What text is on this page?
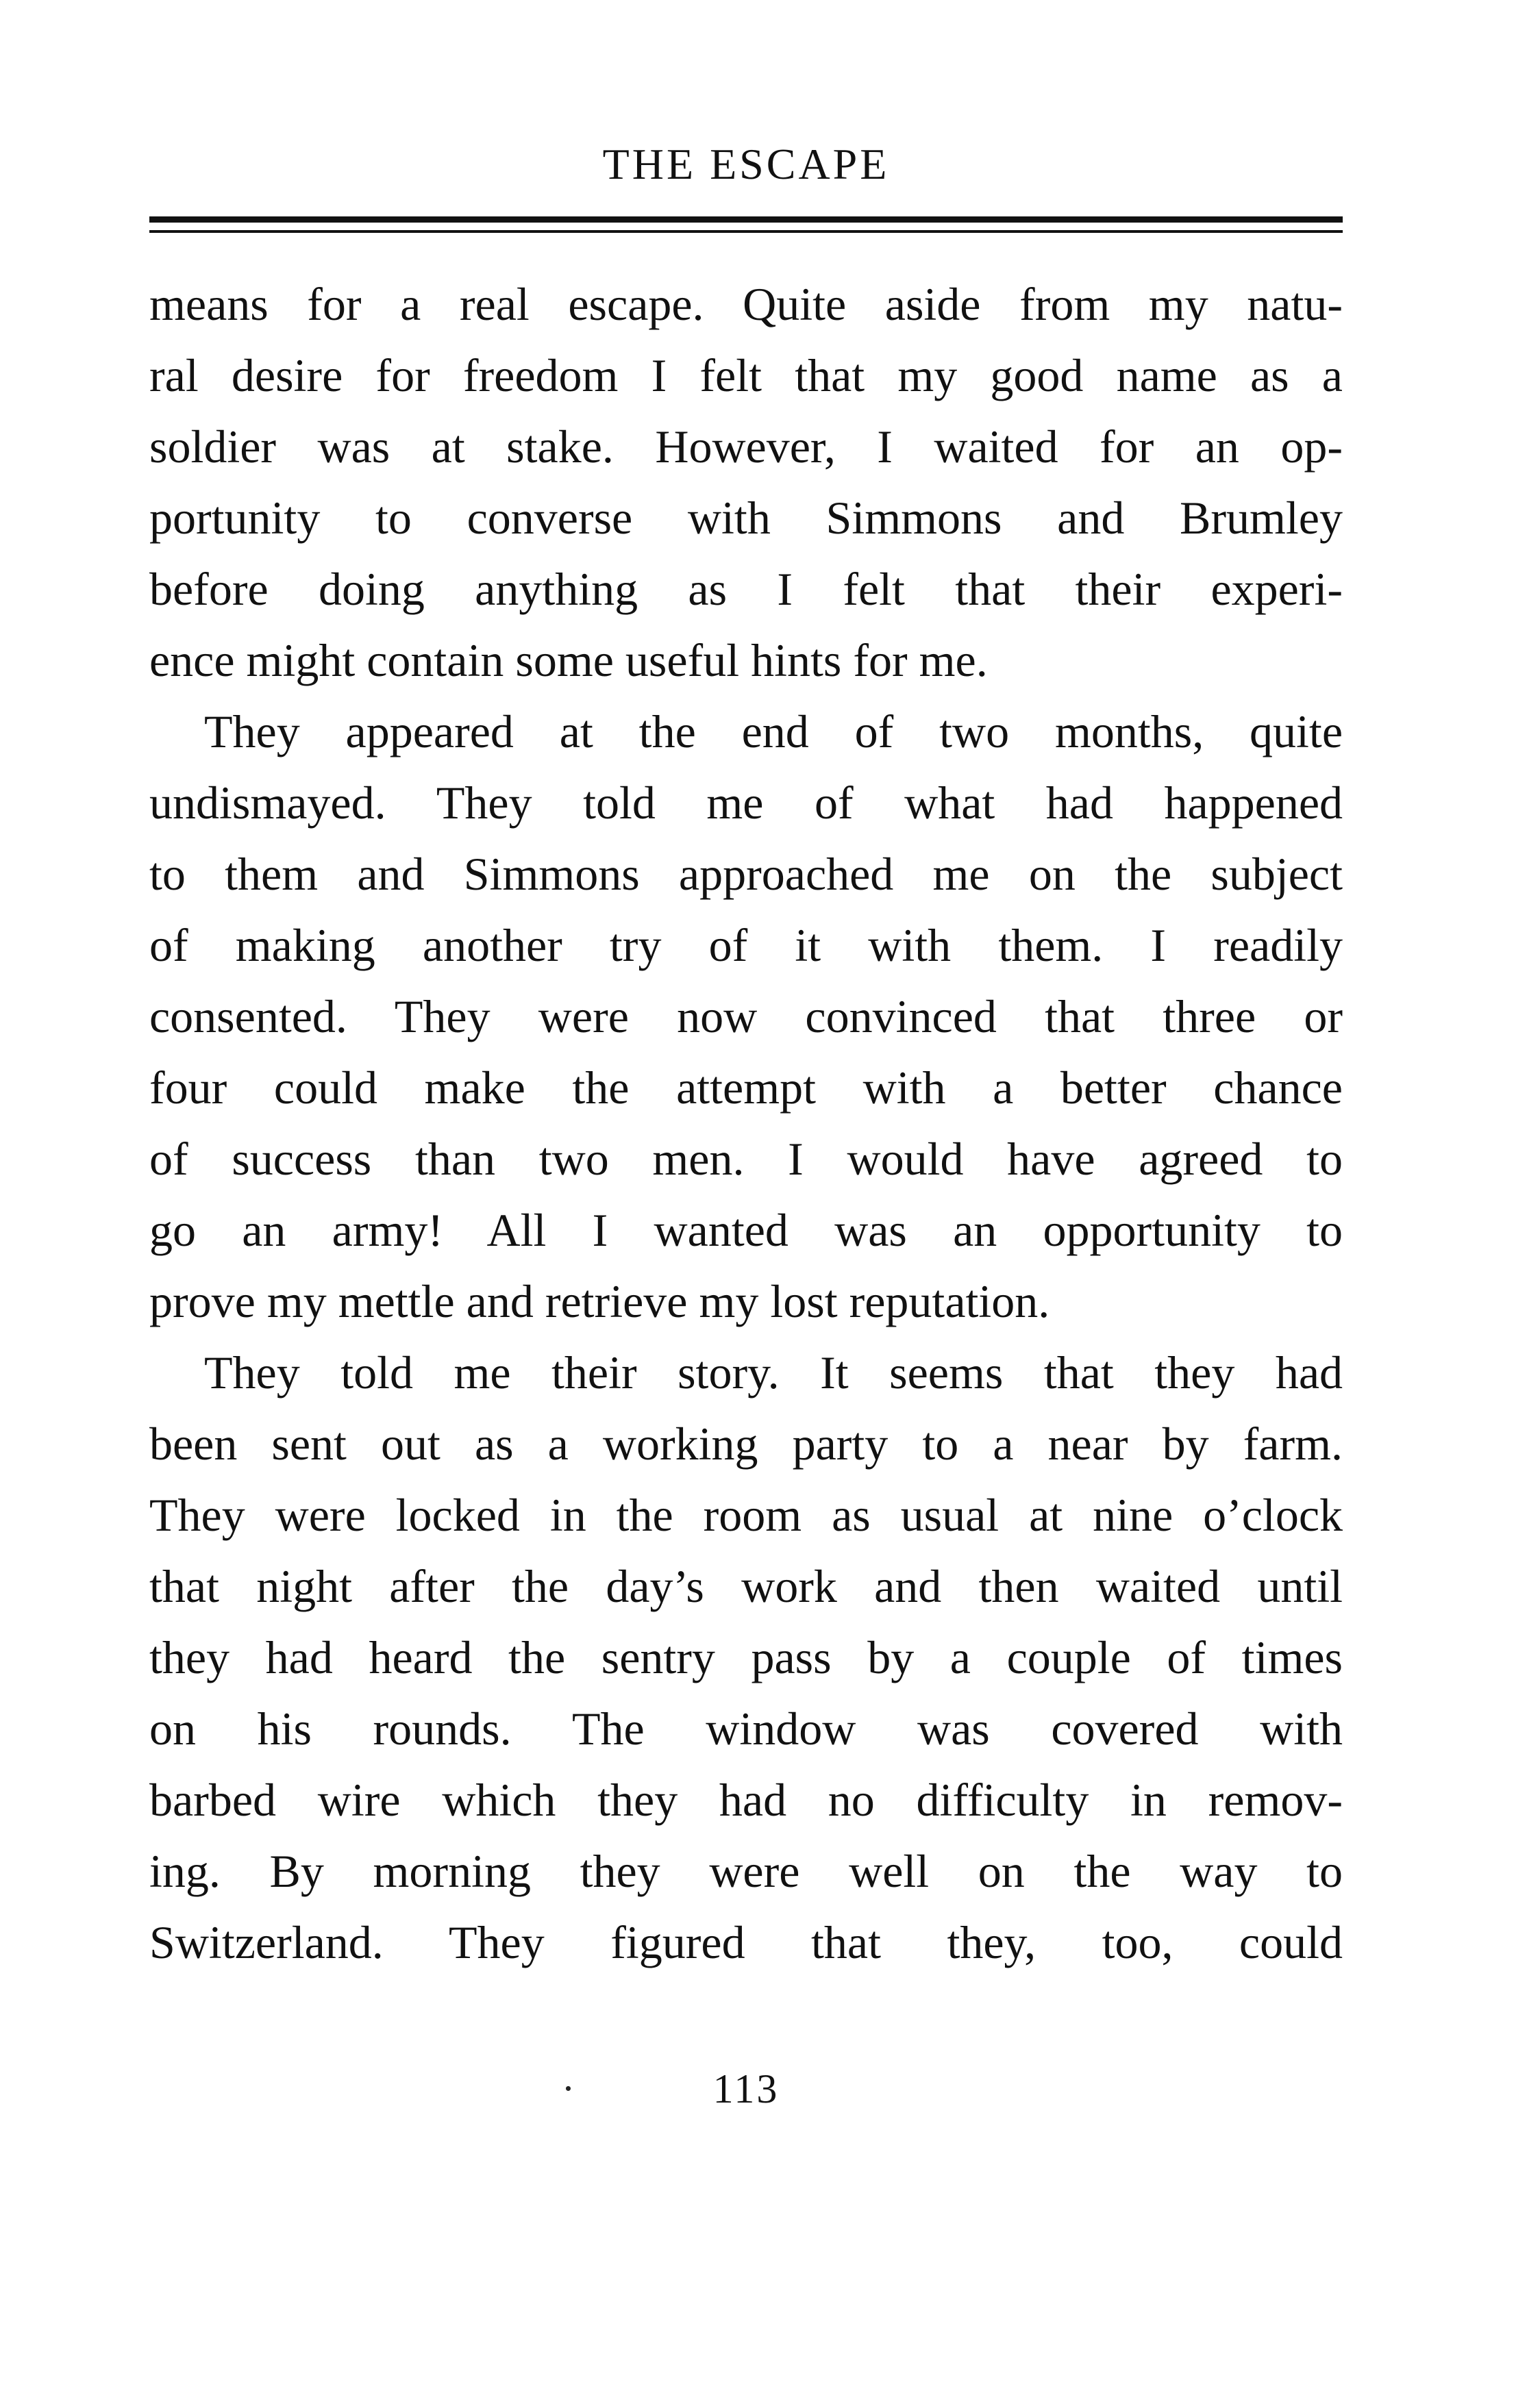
THE ESCAPE
means for a real escape. Quite aside from my natu-
ral desire for freedom I felt that my good name as a
soldier was at stake. However, I waited for an op-
portunity to converse with Simmons and Brumley
before doing anything as I felt that their experi-
ence might contain some useful hints for me.
They appeared at the end of two months, quite
undismayed. They told me of what had happened
to them and Simmons approached me on the subject
of making another try of it with them. I readily
consented. They were now convinced that three or
four could make the attempt with a better chance
of success than two men. I would have agreed to
go an army! All I wanted was an opportunity to
prove my mettle and retrieve my lost reputation.
They told me their story. It seems that they had
been sent out as a working party to a near by farm.
They were locked in the room as usual at nine o’clock
that night after the day’s work and then waited until
they had heard the sentry pass by a couple of times
on his rounds. The window was covered with
barbed wire which they had no difficulty in remov-
ing. By morning they were well on the way to
Switzerland. They figured that they, too, could
113
